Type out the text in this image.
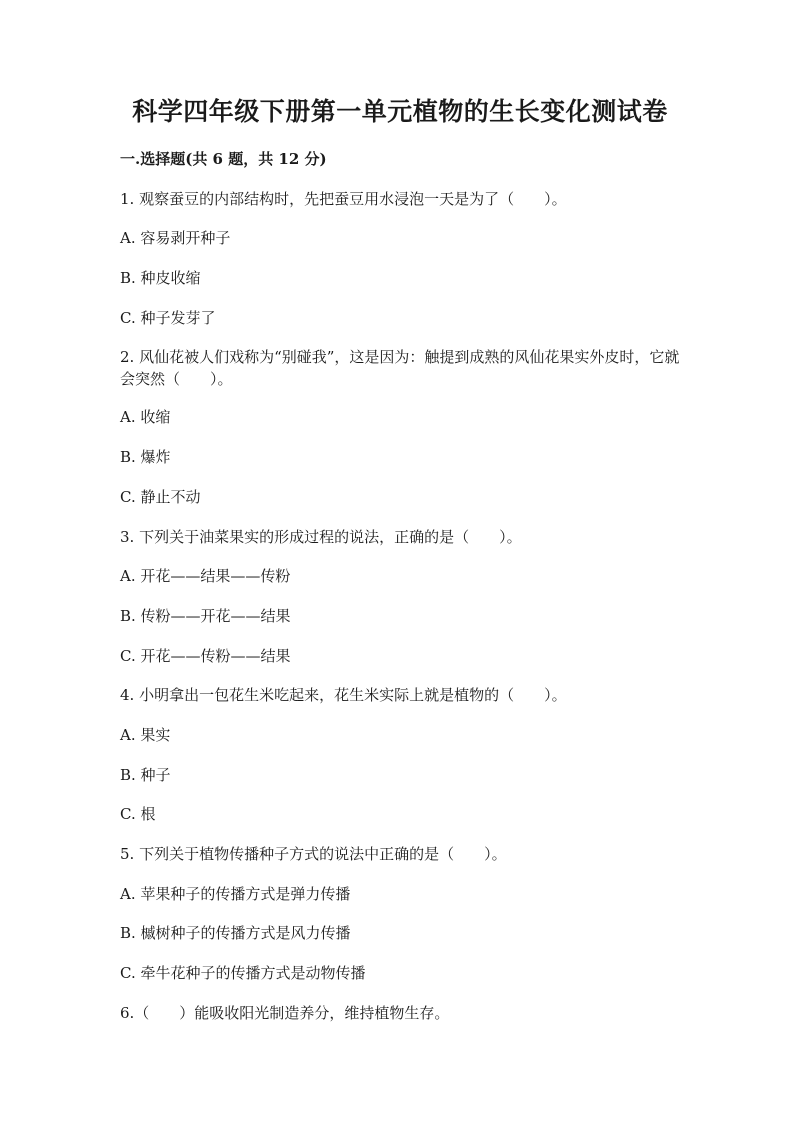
科学四年级下册第一单元植物的生长变化测试卷
一.选择题(共 6 题，共 12 分)
1. 观察蚕豆的内部结构时，先把蚕豆用水浸泡一天是为了（　　）。
A. 容易剥开种子
B. 种皮收缩
C. 种子发芽了
2. 风仙花被人们戏称为“别碰我”，这是因为：触提到成熟的风仙花果实外皮时，它就会突然（　　）。
A. 收缩
B. 爆炸
C. 静止不动
3. 下列关于油菜果实的形成过程的说法，正确的是（　　）。
A. 开花——结果——传粉
B. 传粉——开花——结果
C. 开花——传粉——结果
4. 小明拿出一包花生米吃起来，花生米实际上就是植物的（　　）。
A. 果实
B. 种子
C. 根
5. 下列关于植物传播种子方式的说法中正确的是（　　）。
A. 苹果种子的传播方式是弹力传播
B. 槭树种子的传播方式是风力传播
C. 牵牛花种子的传播方式是动物传播
6.（　　）能吸收阳光制造养分，维持植物生存。
